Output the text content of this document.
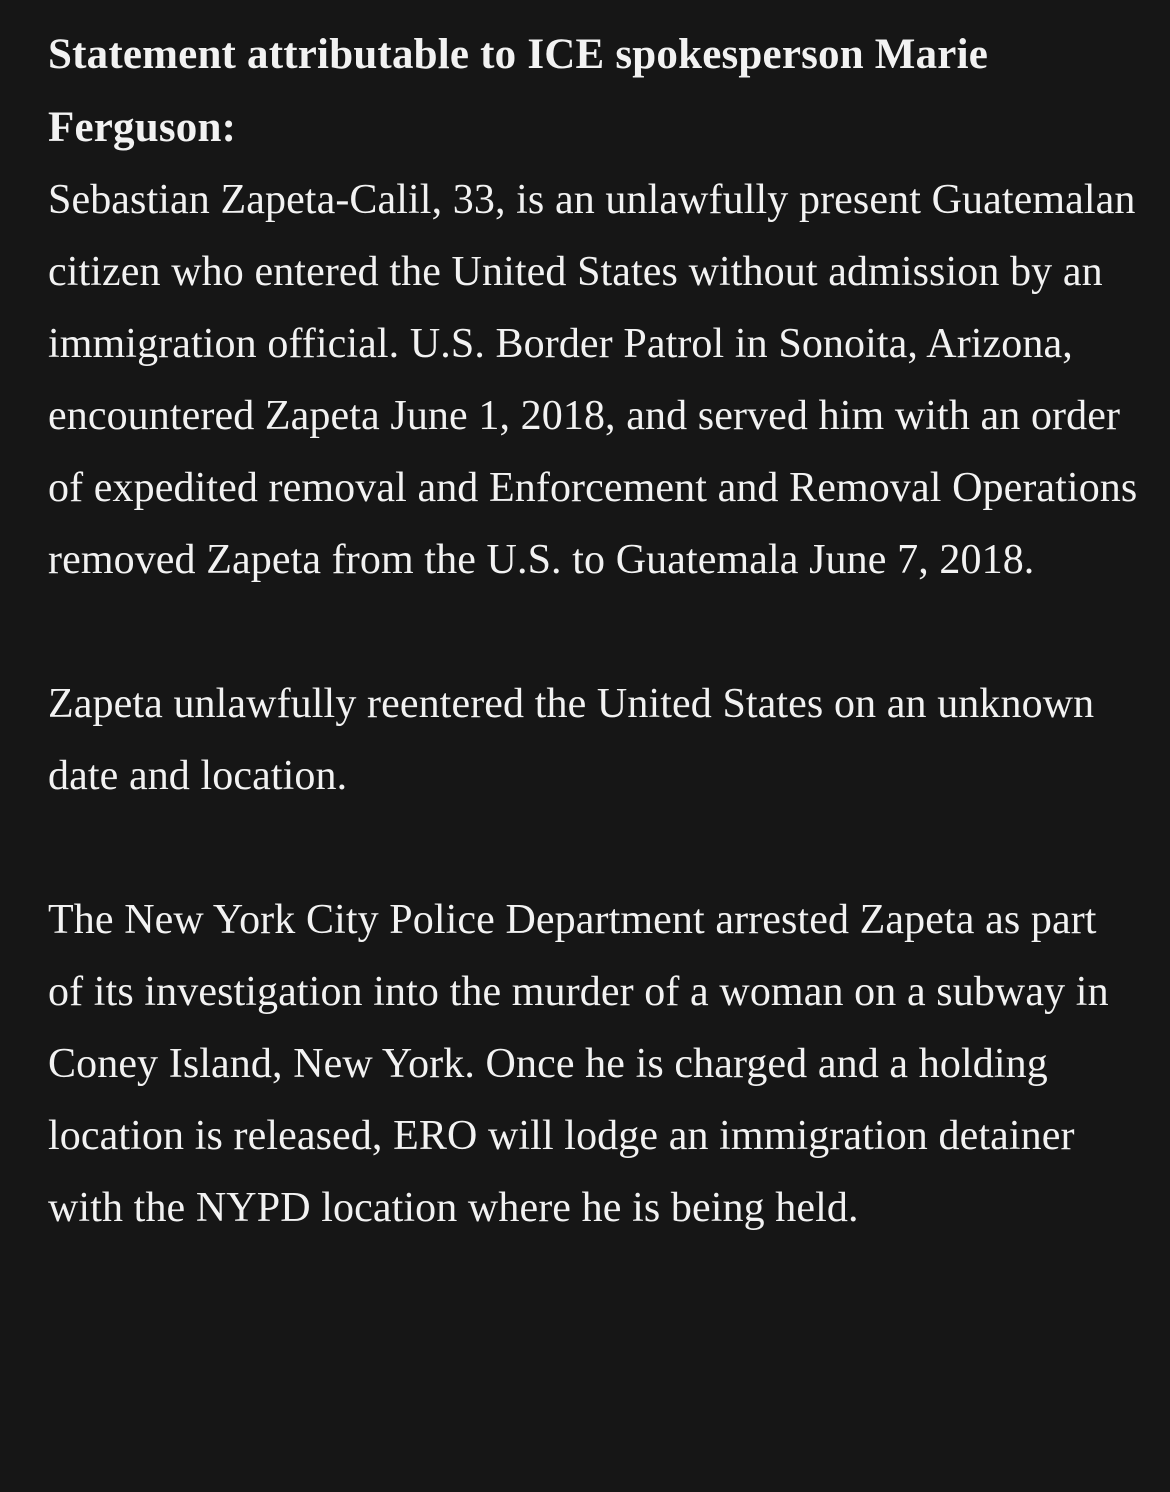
Statement attributable to ICE spokesperson Marie Ferguson:

Sebastian Zapeta-Calil, 33, is an unlawfully present Guatemalan citizen who entered the United States without admission by an immigration official. U.S. Border Patrol in Sonoita, Arizona, encountered Zapeta June 1, 2018, and served him with an order of expedited removal and Enforcement and Removal Operations removed Zapeta from the U.S. to Guatemala June 7, 2018.

Zapeta unlawfully reentered the United States on an unknown date and location.

The New York City Police Department arrested Zapeta as part of its investigation into the murder of a woman on a subway in Coney Island, New York. Once he is charged and a holding location is released, ERO will lodge an immigration detainer with the NYPD location where he is being held.
